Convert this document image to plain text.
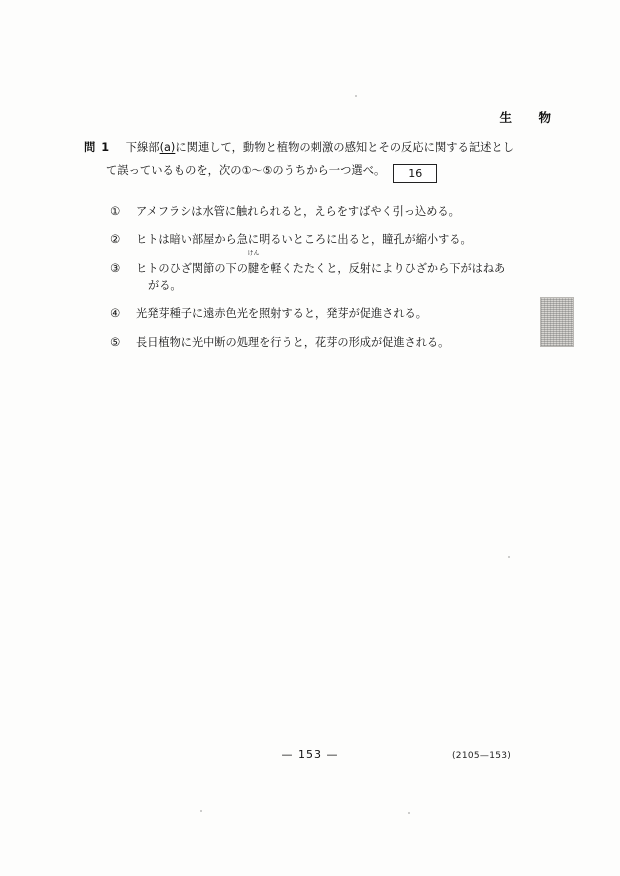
生　物
問 1 下線部(a)に関連して，動物と植物の刺激の感知とその反応に関する記述とし
て誤っているものを，次の①～⑤のうちから一つ選べ。 16
① アメフラシは水管に触れられると，えらをすばやく引っ込める。
② ヒトは暗い部屋から急に明るいところに出ると，瞳孔が縮小する。
③ ヒトのひざ関節の下の
けん
腱を軽くたたくと，反射によりひざから下がはねあ
がる。
④ 光発芽種子に遠赤色光を照射すると，発芽が促進される。
⑤ 長日植物に光中断の処理を行うと，花芽の形成が促進される。
— 153 —	(2105—153)
